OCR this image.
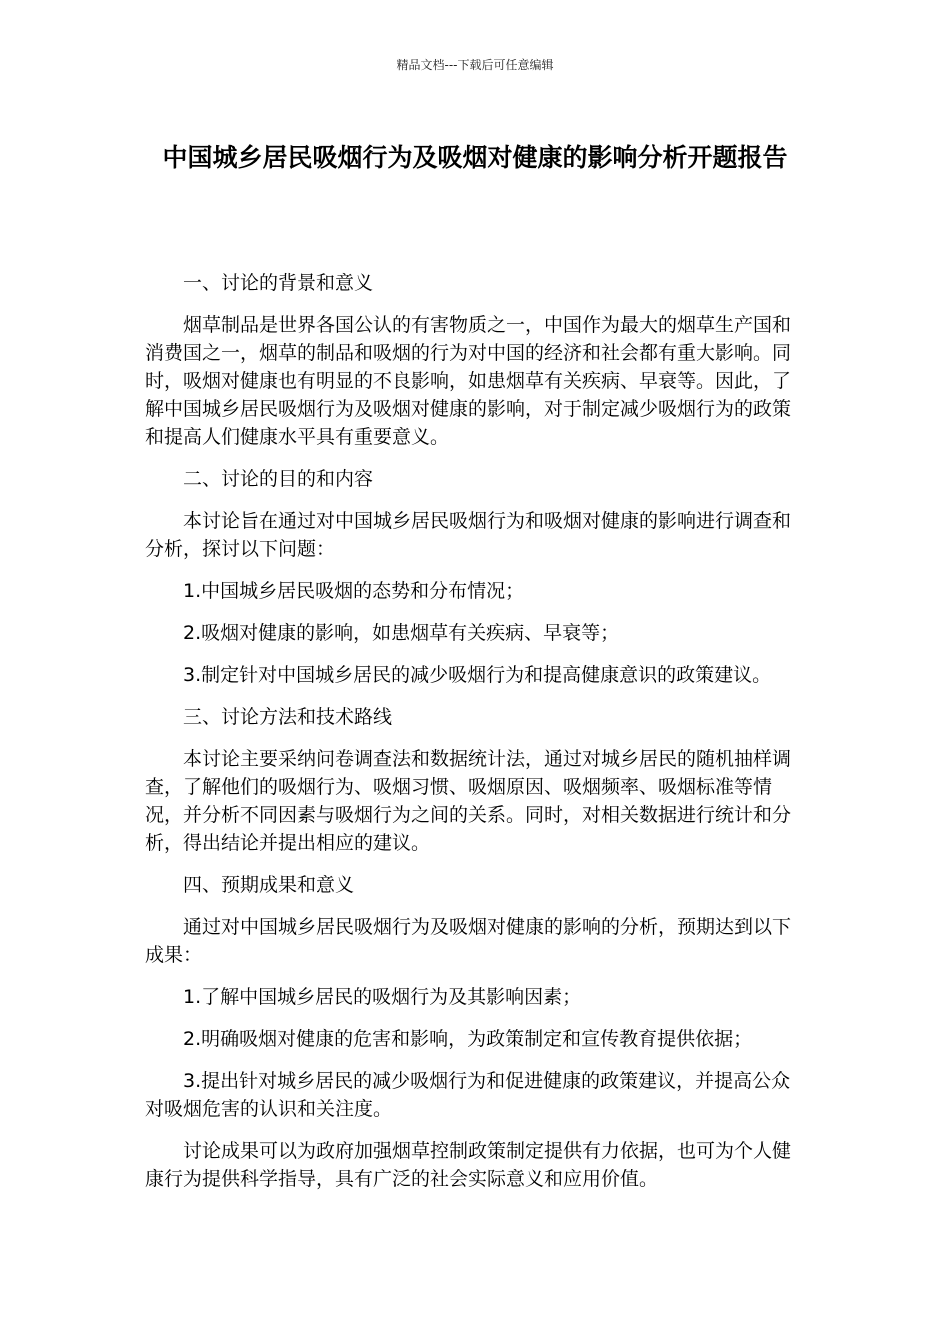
精品文档---下载后可任意编辑
中国城乡居民吸烟行为及吸烟对健康的影响分析开题报告

一、讨论的背景和意义

烟草制品是世界各国公认的有害物质之一，中国作为最大的烟草生产国和消费国之一，烟草的制品和吸烟的行为对中国的经济和社会都有重大影响。同时，吸烟对健康也有明显的不良影响，如患烟草有关疾病、早衰等。因此，了解中国城乡居民吸烟行为及吸烟对健康的影响，对于制定减少吸烟行为的政策和提高人们健康水平具有重要意义。

二、讨论的目的和内容

本讨论旨在通过对中国城乡居民吸烟行为和吸烟对健康的影响进行调查和分析，探讨以下问题：

1.中国城乡居民吸烟的态势和分布情况；

2.吸烟对健康的影响，如患烟草有关疾病、早衰等；

3.制定针对中国城乡居民的减少吸烟行为和提高健康意识的政策建议。

三、讨论方法和技术路线

本讨论主要采纳问卷调查法和数据统计法，通过对城乡居民的随机抽样调查，了解他们的吸烟行为、吸烟习惯、吸烟原因、吸烟频率、吸烟标准等情况，并分析不同因素与吸烟行为之间的关系。同时，对相关数据进行统计和分析，得出结论并提出相应的建议。

四、预期成果和意义

通过对中国城乡居民吸烟行为及吸烟对健康的影响的分析，预期达到以下成果：

1.了解中国城乡居民的吸烟行为及其影响因素；

2.明确吸烟对健康的危害和影响，为政策制定和宣传教育提供依据；

3.提出针对城乡居民的减少吸烟行为和促进健康的政策建议，并提高公众对吸烟危害的认识和关注度。

讨论成果可以为政府加强烟草控制政策制定提供有力依据，也可为个人健康行为提供科学指导，具有广泛的社会实际意义和应用价值。
